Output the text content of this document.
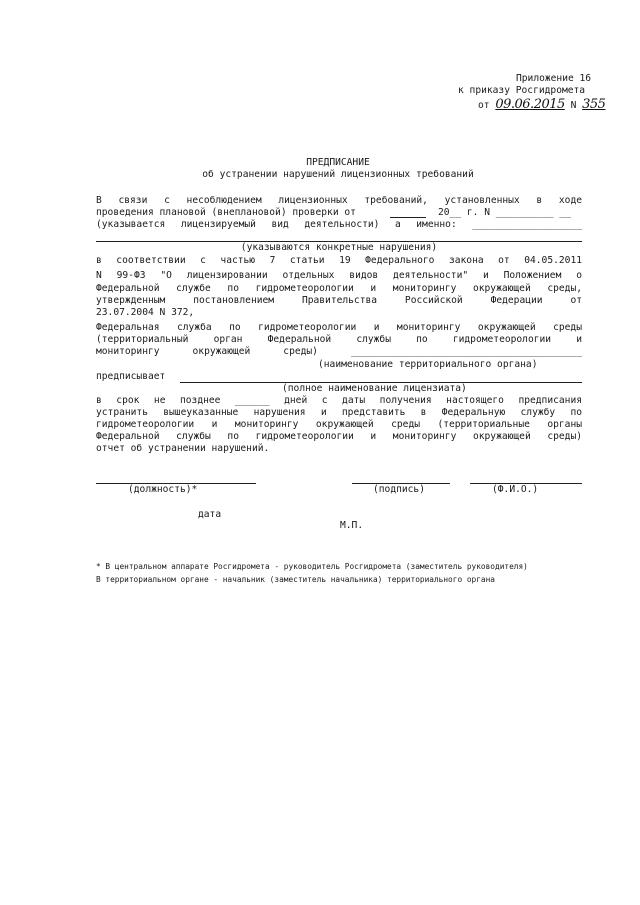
Приложение 16
к приказу Росгидромета
от 09.06.2015 N 355
ПРЕДПИСАНИЕ
об устранении нарушений лицензионных требований
В связи с несоблюдением лицензионных требований, установленных в ходе
проведения плановой (внеплановой) проверки от	20__ г. N __________ __
(указывается лицензируемый вид деятельности) а именно: ___________________
(указываются конкретные нарушения)
в соответствии с частью 7 статьи 19 Федерального закона от 04.05.2011
N 99-ФЗ "О лицензировании отдельных видов деятельности" и Положением о
Федеральной службе по гидрометеорологии и мониторингу окружающей среды,
утвержденным постановлением Правительства Российской Федерации от
23.07.2004 N 372,
Федеральная служба по гидрометеорологии и мониторингу окружающей среды
(территориальный орган Федеральной службы по гидрометеорологии и
мониторингу окружающей среды) ________________________________________
(наименование территориального органа)
предписывает
(полное наименование лицензиата)
в срок не позднее ______ дней с даты получения настоящего предписания
устранить вышеуказанные нарушения и представить в Федеральную службу по
гидрометеорологии и мониторингу окружающей среды (территориальные органы
Федеральной службы по гидрометеорологии и мониторингу окружающей среды)
отчет об устранении нарушений.
(должность)*	(подпись)	(Ф.И.О.)
дата
М.П.
* В центральном аппарате Росгидромета - руководитель Росгидромета (заместитель руководителя)
В территориальном органе - начальник (заместитель начальника) территориального органа
